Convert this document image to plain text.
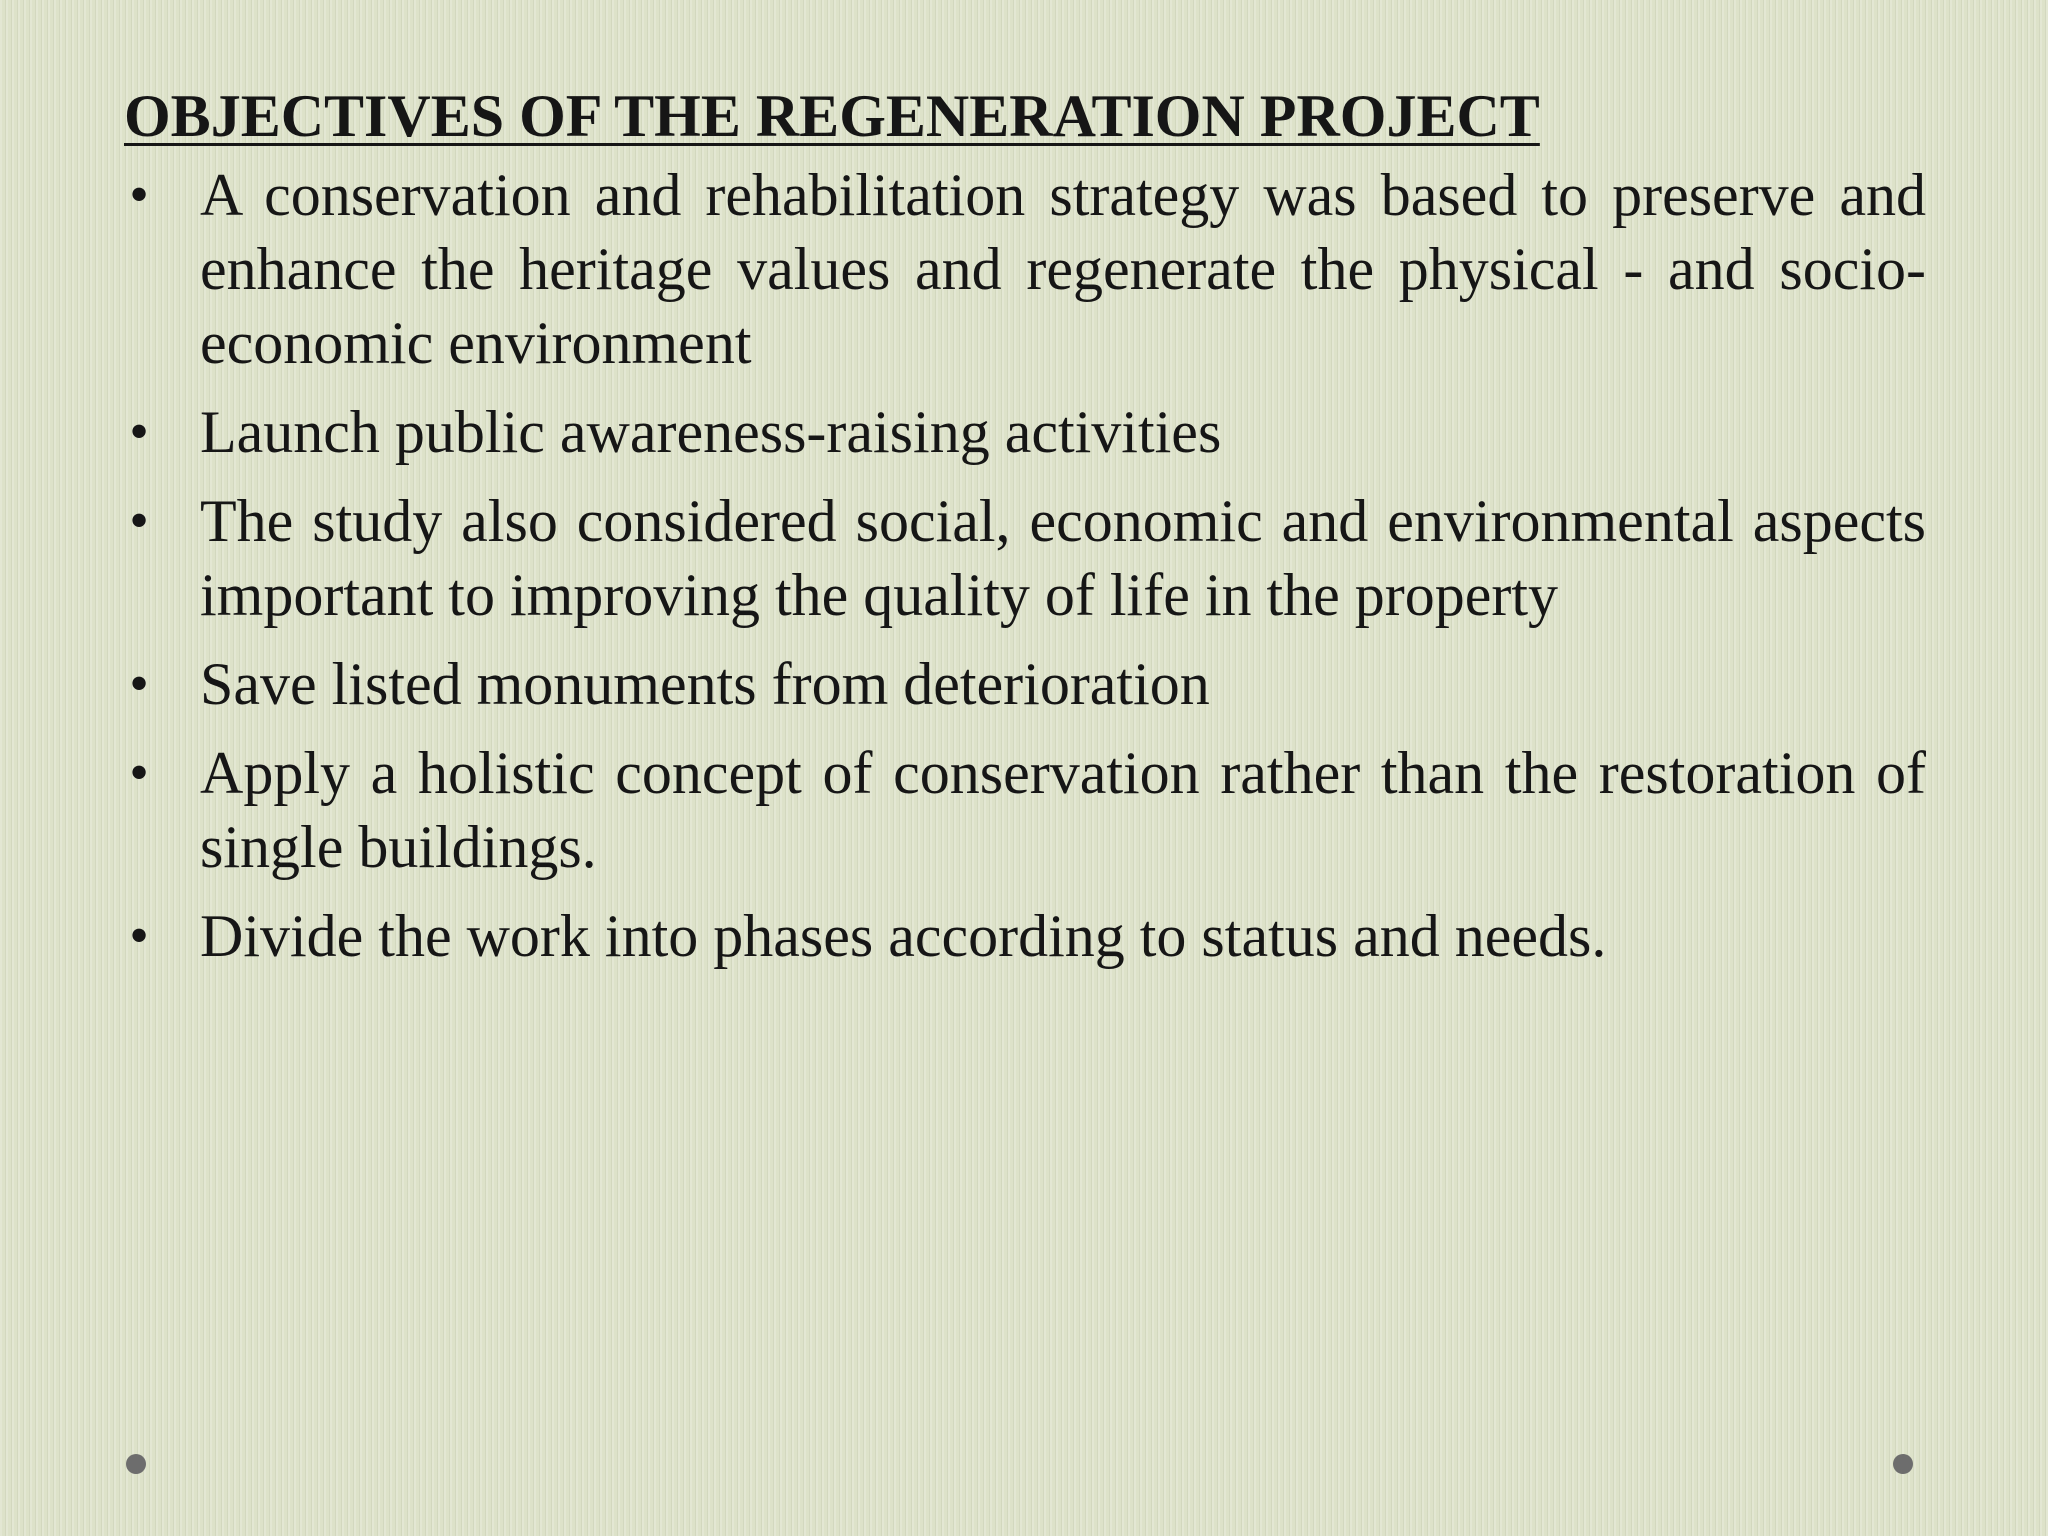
OBJECTIVES OF THE REGENERATION PROJECT
• A conservation and rehabilitation strategy was based to preserve and enhance the heritage values and regenerate the physical - and socio-economic environment
• Launch public awareness-raising activities
• The study also considered social, economic and environmental aspects important to improving the quality of life in the property
• Save listed monuments from deterioration
• Apply a holistic concept of conservation rather than the restoration of single buildings.
• Divide the work into phases according to status and needs.
